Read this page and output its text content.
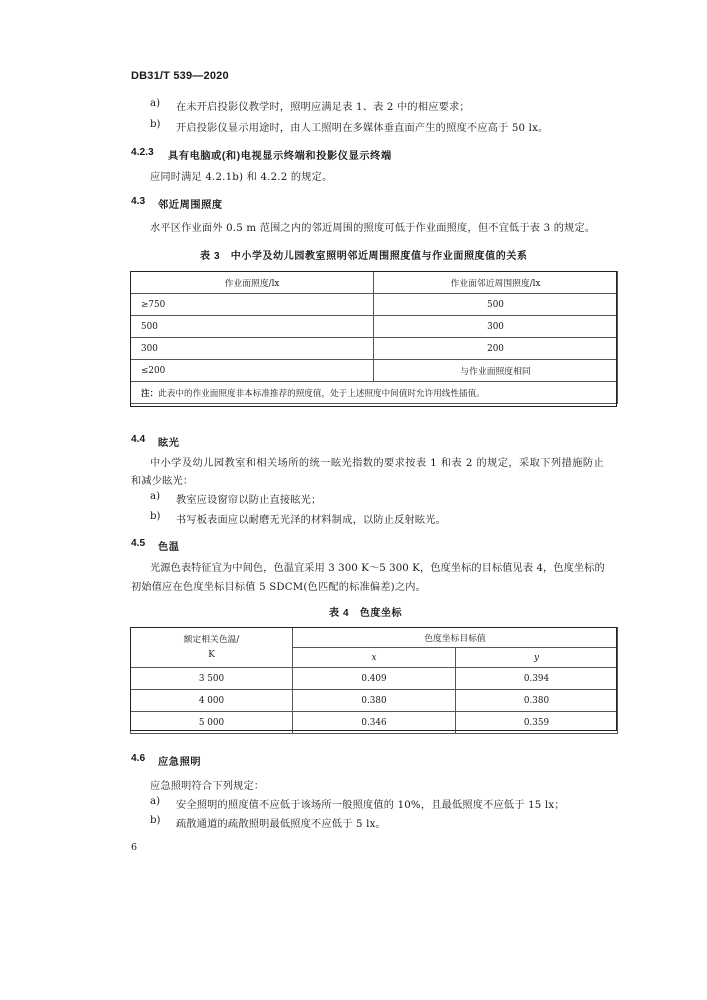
DB31/T 539—2020
a) 在未开启投影仪教学时，照明应满足表 1、表 2 中的相应要求；
b) 开启投影仪显示用途时，由人工照明在多媒体垂直面产生的照度不应高于 50 lx。
4.2.3 具有电脑或(和)电视显示终端和投影仪显示终端
应同时满足 4.2.1b) 和 4.2.2 的规定。
4.3 邻近周围照度
水平区作业面外 0.5 m 范围之内的邻近周围的照度可低于作业面照度，但不宜低于表 3 的规定。
表 3　中小学及幼儿园教室照明邻近周围照度值与作业面照度值的关系
作业面照度/lx	作业面邻近周围照度/lx
≥750	500
500	300
300	200
≤200	与作业面照度相同
注：此表中的作业面照度非本标准推荐的照度值，处于上述照度中间值时允许用线性插值。	
4.4 眩光
中小学及幼儿园教室和相关场所的统一眩光指数的要求按表 1 和表 2 的规定，采取下列措施防止
和减少眩光：
a) 教室应设窗帘以防止直接眩光；
b) 书写板表面应以耐磨无光泽的材料制成，以防止反射眩光。
4.5 色温
光源色表特征宜为中间色，色温宜采用 3 300 K～5 300 K，色度坐标的目标值见表 4，色度坐标的
初始值应在色度坐标目标值 5 SDCM(色匹配的标准偏差)之内。
表 4　色度坐标
额定相关色温/
K	色度坐标目标值	
	x	y
3 500	0.409	0.394
4 000	0.380	0.380
5 000	0.346	0.359
4.6 应急照明
应急照明符合下列规定：
a) 安全照明的照度值不应低于该场所一般照度值的 10%，且最低照度不应低于 15 lx；
b) 疏散通道的疏散照明最低照度不应低于 5 lx。
6
